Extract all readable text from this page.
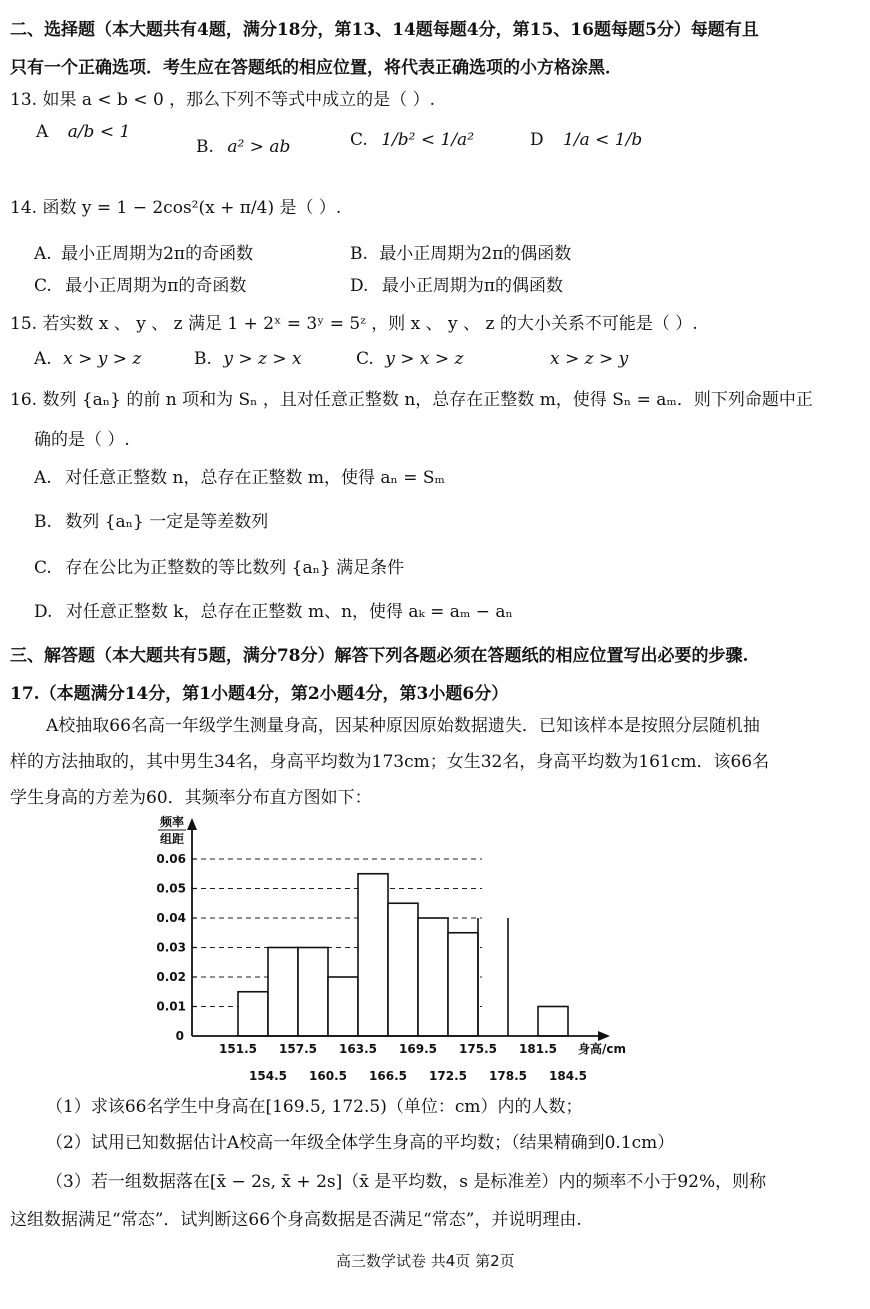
二、选择题（本大题共有4题，满分18分，第13、14题每题4分，第15、16题每题5分）每题有且
只有一个正确选项．考生应在答题纸的相应位置，将代表正确选项的小方格涂黑．
13. 如果 a < b < 0 ，那么下列不等式中成立的是（ ）.
A a/b < 1
B. a² > ab	C. 1/b² < 1/a²	D 1/a < 1/b
14. 函数 y = 1 − 2cos²(x + π/4) 是（ ）.
A. 最小正周期为2π的奇函数	B. 最小正周期为2π的偶函数
C. 最小正周期为π的奇函数	D. 最小正周期为π的偶函数
15. 若实数 x 、 y 、 z 满足 1 + 2ˣ = 3ʸ = 5ᶻ ，则 x 、 y 、 z 的大小关系不可能是（ ）.
A. x > y > z	B. y > z > x	C. y > x > z	x > z > y
16. 数列 {aₙ} 的前 n 项和为 Sₙ ，且对任意正整数 n，总存在正整数 m，使得 Sₙ = aₘ．则下列命题中正
确的是（ ）.
A. 对任意正整数 n，总存在正整数 m，使得 aₙ = Sₘ
B. 数列 {aₙ} 一定是等差数列
C. 存在公比为正整数的等比数列 {aₙ} 满足条件
D. 对任意正整数 k，总存在正整数 m、n，使得 aₖ = aₘ − aₙ
三、解答题（本大题共有5题，满分78分）解答下列各题必须在答题纸的相应位置写出必要的步骤.
17.（本题满分14分，第1小题4分，第2小题4分，第3小题6分）
A校抽取66名高一年级学生测量身高，因某种原因原始数据遗失．已知该样本是按照分层随机抽
样的方法抽取的，其中男生34名，身高平均数为173cm；女生32名，身高平均数为161cm．该66名
学生身高的方差为60．其频率分布直方图如下：
0.01
0.02
0.03
0.04
0.05
0.06
0
频率
组距
151.5 157.5 163.5 169.5 175.5 181.5
154.5 160.5 166.5 172.5 178.5 184.5
身高/cm
（1）求该66名学生中身高在[169.5, 172.5)（单位：cm）内的人数；
（2）试用已知数据估计A校高一年级全体学生身高的平均数；（结果精确到0.1cm）
（3）若一组数据落在[x̄ − 2s, x̄ + 2s]（x̄ 是平均数，s 是标准差）内的频率不小于92%，则称
这组数据满足“常态”．试判断这66个身高数据是否满足“常态”，并说明理由.
高三数学试卷 共4页 第2页
